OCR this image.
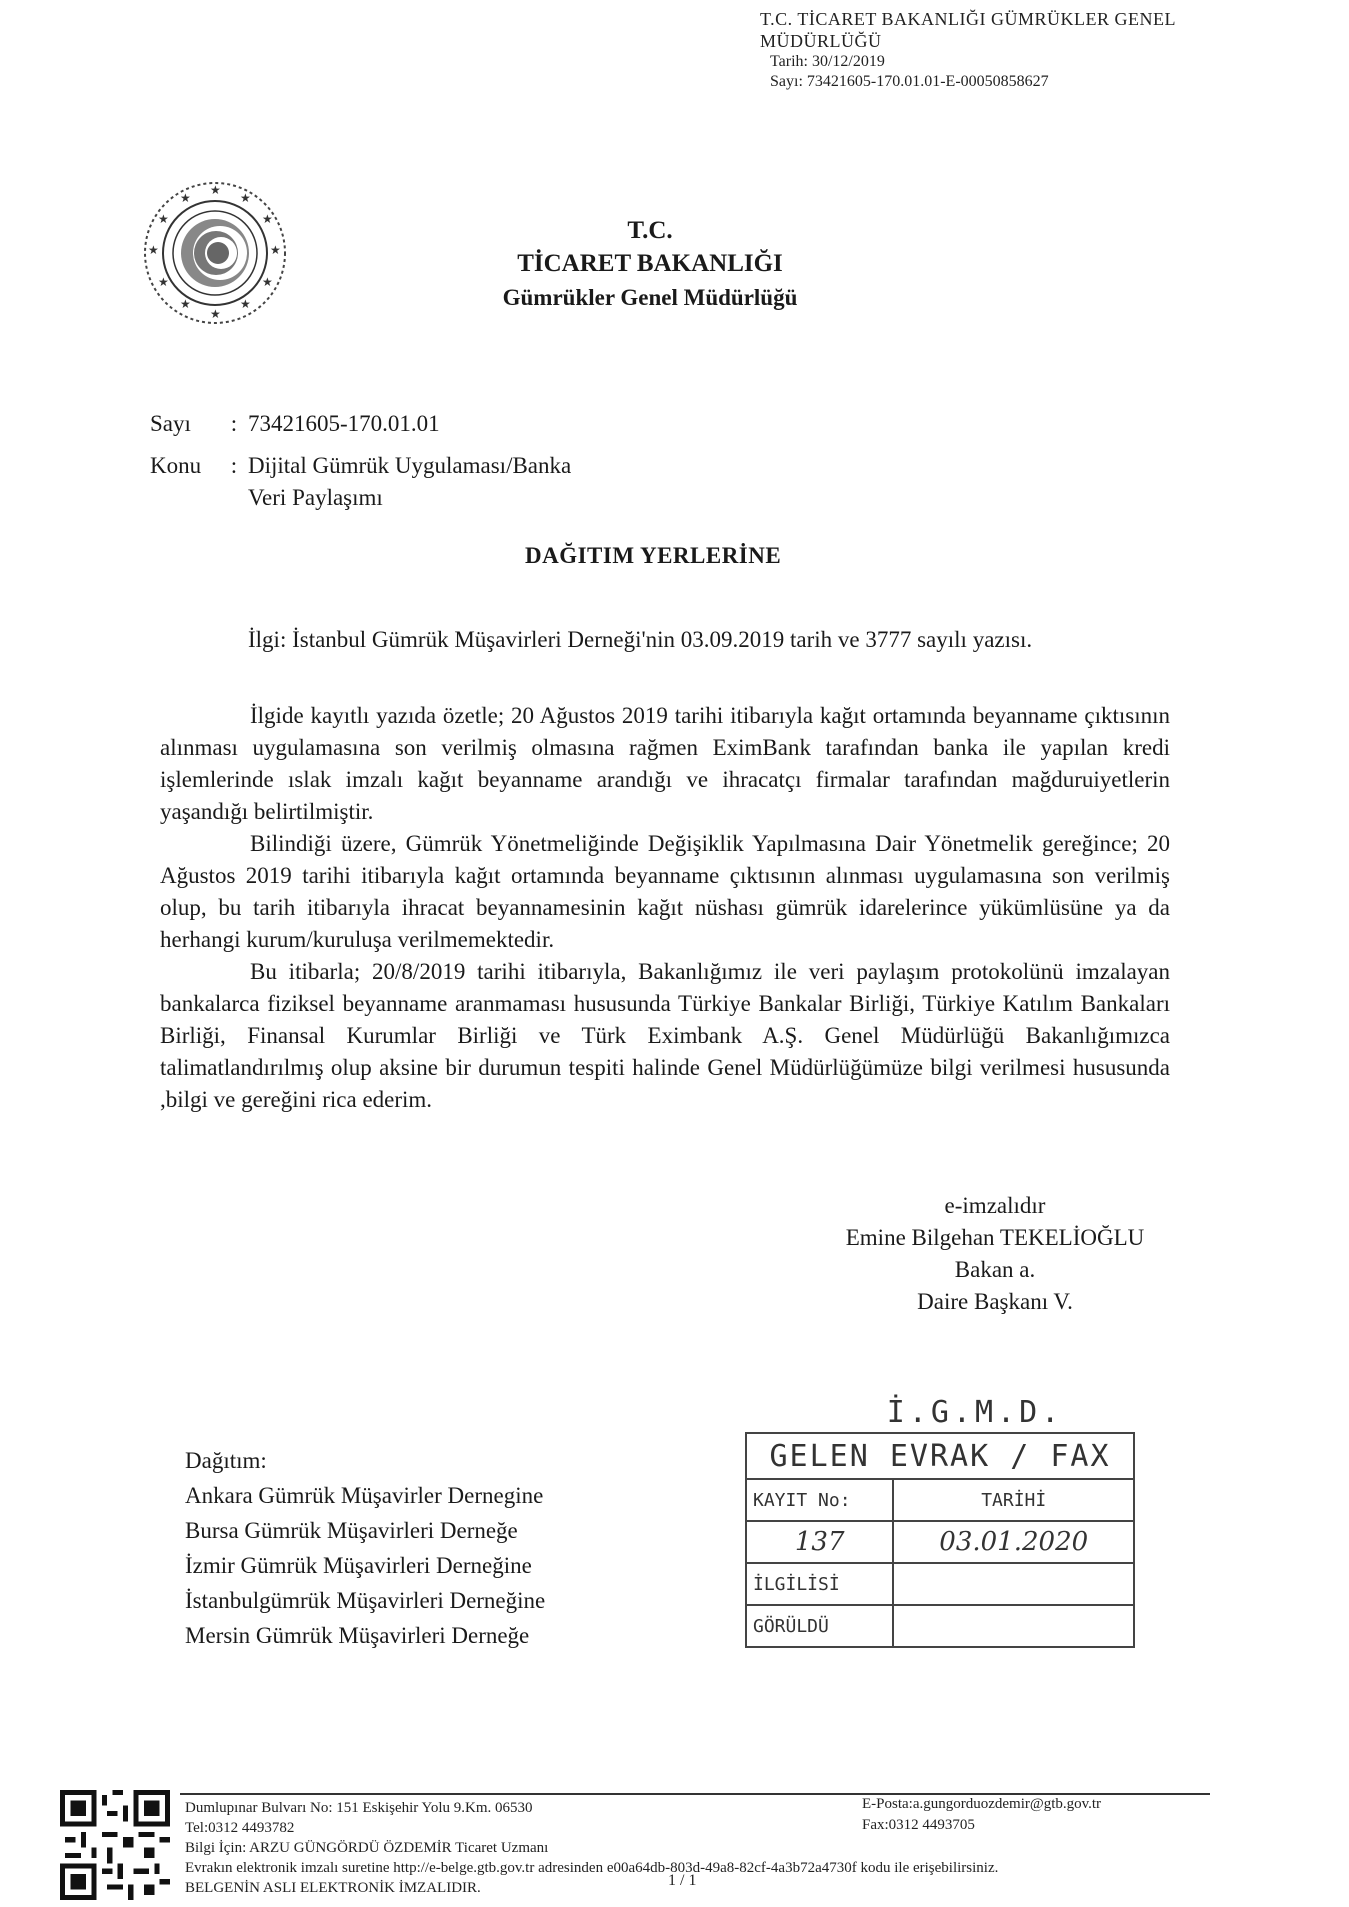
T.C. TİCARET BAKANLIĞI GÜMRÜKLER GENEL
MÜDÜRLÜĞÜ
Tarih: 30/12/2019
Sayı: 73421605-170.01.01-E-00050858627
★
★
★
★
★
★
★
★
★
★
★
★
T.C.
TİCARET BAKANLIĞI
Gümrükler Genel Müdürlüğü
Sayı	: 73421605-170.01.01
Konu	: Dijital Gümrük Uygulaması/Banka
Veri Paylaşımı
DAĞITIM YERLERİNE
İlgi: İstanbul Gümrük Müşavirleri Derneği'nin 03.09.2019 tarih ve 3777 sayılı yazısı.

İlgide kayıtlı yazıda özetle; 20 Ağustos 2019 tarihi itibarıyla kağıt ortamında beyanname çıktısının alınması uygulamasına son verilmiş olmasına rağmen EximBank tarafından banka ile yapılan kredi işlemlerinde ıslak imzalı kağıt beyanname arandığı ve ihracatçı firmalar tarafından mağduruiyetlerin yaşandığı belirtilmiştir.

Bilindiği üzere, Gümrük Yönetmeliğinde Değişiklik Yapılmasına Dair Yönetmelik gereğince; 20 Ağustos 2019 tarihi itibarıyla kağıt ortamında beyanname çıktısının alınması uygulamasına son verilmiş olup, bu tarih itibarıyla ihracat beyannamesinin kağıt nüshası gümrük idarelerince yükümlüsüne ya da herhangi kurum/kuruluşa verilmemektedir.

Bu itibarla; 20/8/2019 tarihi itibarıyla, Bakanlığımız ile veri paylaşım protokolünü imzalayan bankalarca fiziksel beyanname aranmaması hususunda Türkiye Bankalar Birliği, Türkiye Katılım Bankaları Birliği, Finansal Kurumlar Birliği ve Türk Eximbank A.Ş. Genel Müdürlüğü Bakanlığımızca talimatlandırılmış olup aksine bir durumun tespiti halinde Genel Müdürlüğümüze bilgi verilmesi hususunda ,bilgi ve gereğini rica ederim.

e-imzalıdır
Emine Bilgehan TEKELİOĞLU
Bakan a.
Daire Başkanı V.
Dağıtım:
Ankara Gümrük Müşavirler Dernegine
Bursa Gümrük Müşavirleri Derneğe
İzmir Gümrük Müşavirleri Derneğine
İstanbulgümrük Müşavirleri Derneğine
Mersin Gümrük Müşavirleri Derneğe
İ.G.M.D.
GELEN EVRAK / FAX	
KAYIT No:	TARİHİ
137	03.01.2020
İLGİLİSİ	
GÖRÜLDÜ	
Dumlupınar Bulvarı No: 151 Eskişehir Yolu 9.Km. 06530
Tel:0312 4493782
Bilgi İçin: ARZU GÜNGÖRDÜ ÖZDEMİR Ticaret Uzmanı
Evrakın elektronik imzalı suretine http://e-belge.gtb.gov.tr adresinden e00a64db-803d-49a8-82cf-4a3b72a4730f kodu ile erişebilirsiniz.
BELGENİN ASLI ELEKTRONİK İMZALIDIR.
E-Posta:a.gungorduozdemir@gtb.gov.tr
Fax:0312 4493705
1 / 1
